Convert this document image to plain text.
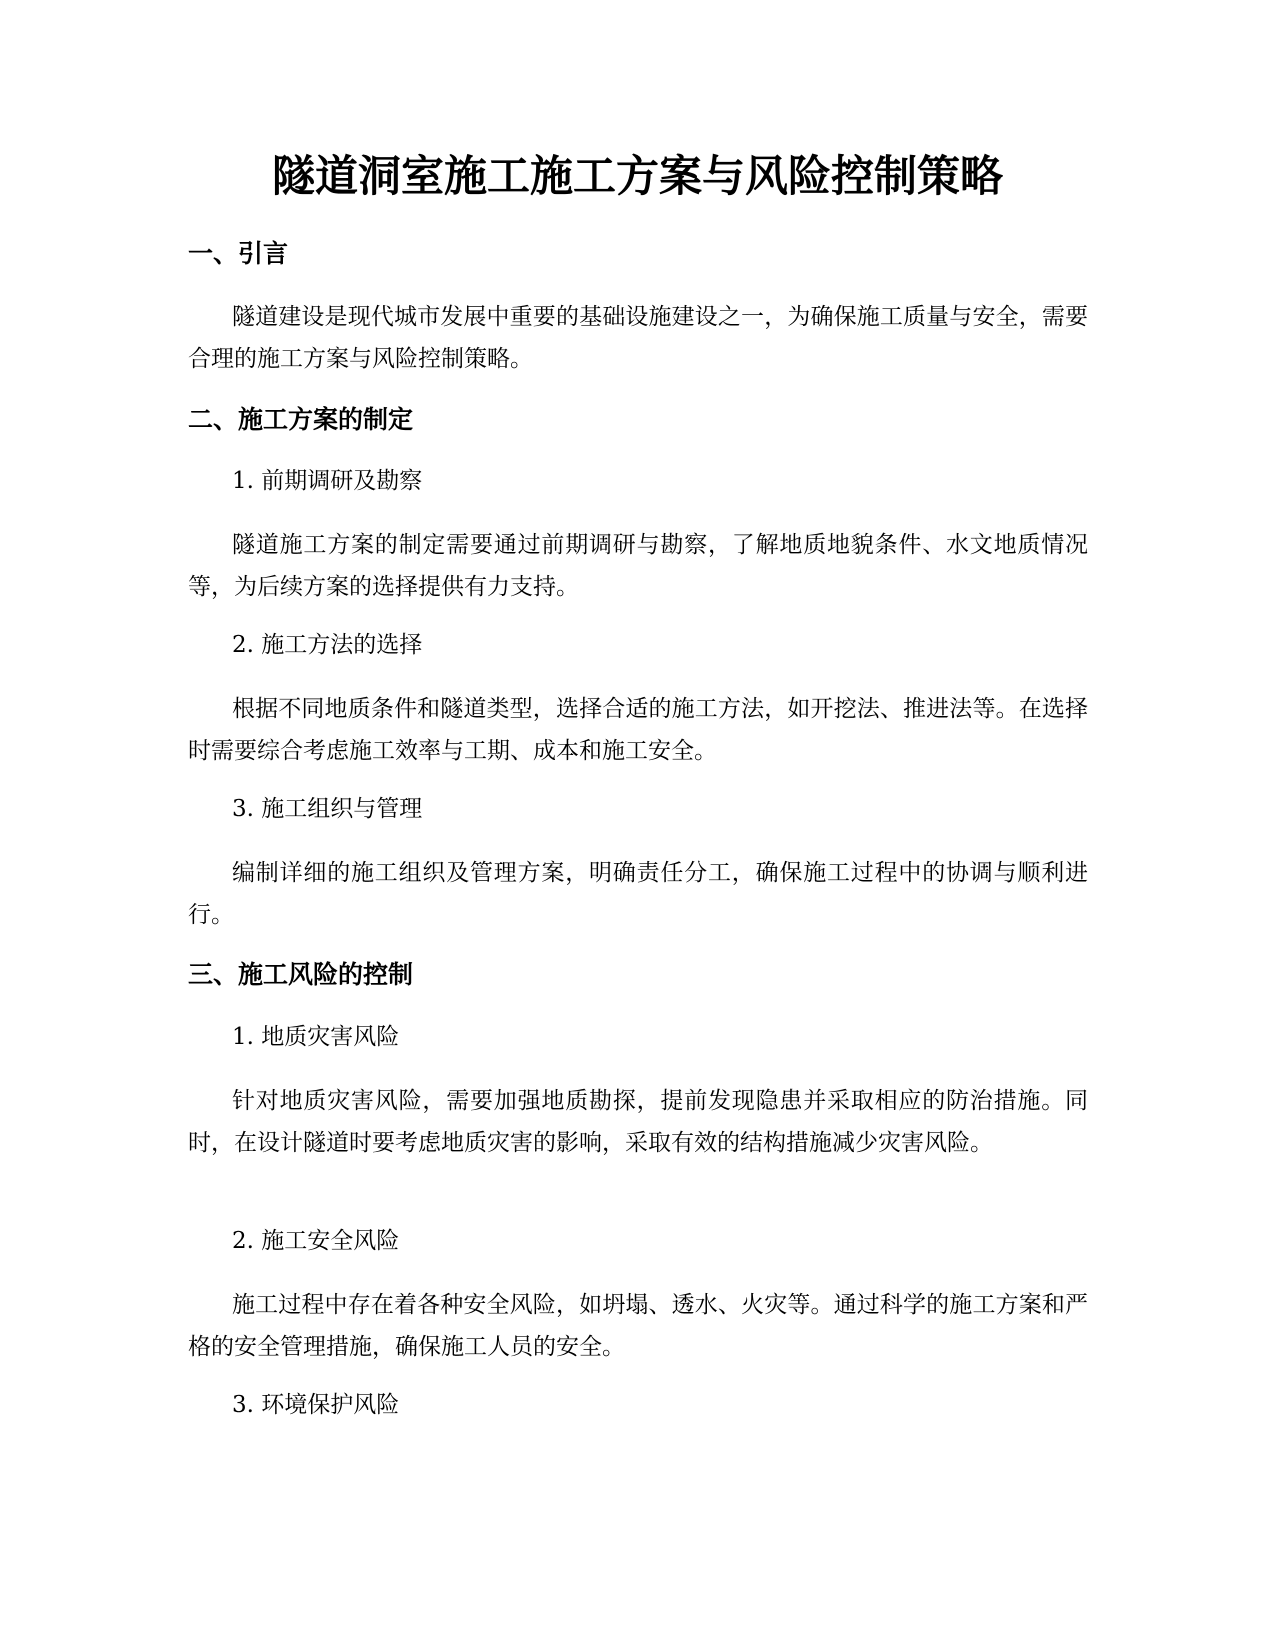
隧道洞室施工施工方案与风险控制策略
一、引言

隧道建设是现代城市发展中重要的基础设施建设之一，为确保施工质量与安全，需要合理的施工方案与风险控制策略。

二、施工方案的制定

1. 前期调研及勘察

隧道施工方案的制定需要通过前期调研与勘察，了解地质地貌条件、水文地质情况等，为后续方案的选择提供有力支持。

2. 施工方法的选择

根据不同地质条件和隧道类型，选择合适的施工方法，如开挖法、推进法等。在选择时需要综合考虑施工效率与工期、成本和施工安全。

3. 施工组织与管理

编制详细的施工组织及管理方案，明确责任分工，确保施工过程中的协调与顺利进行。

三、施工风险的控制

1. 地质灾害风险

针对地质灾害风险，需要加强地质勘探，提前发现隐患并采取相应的防治措施。同时，在设计隧道时要考虑地质灾害的影响，采取有效的结构措施减少灾害风险。

2. 施工安全风险

施工过程中存在着各种安全风险，如坍塌、透水、火灾等。通过科学的施工方案和严格的安全管理措施，确保施工人员的安全。

3. 环境保护风险
